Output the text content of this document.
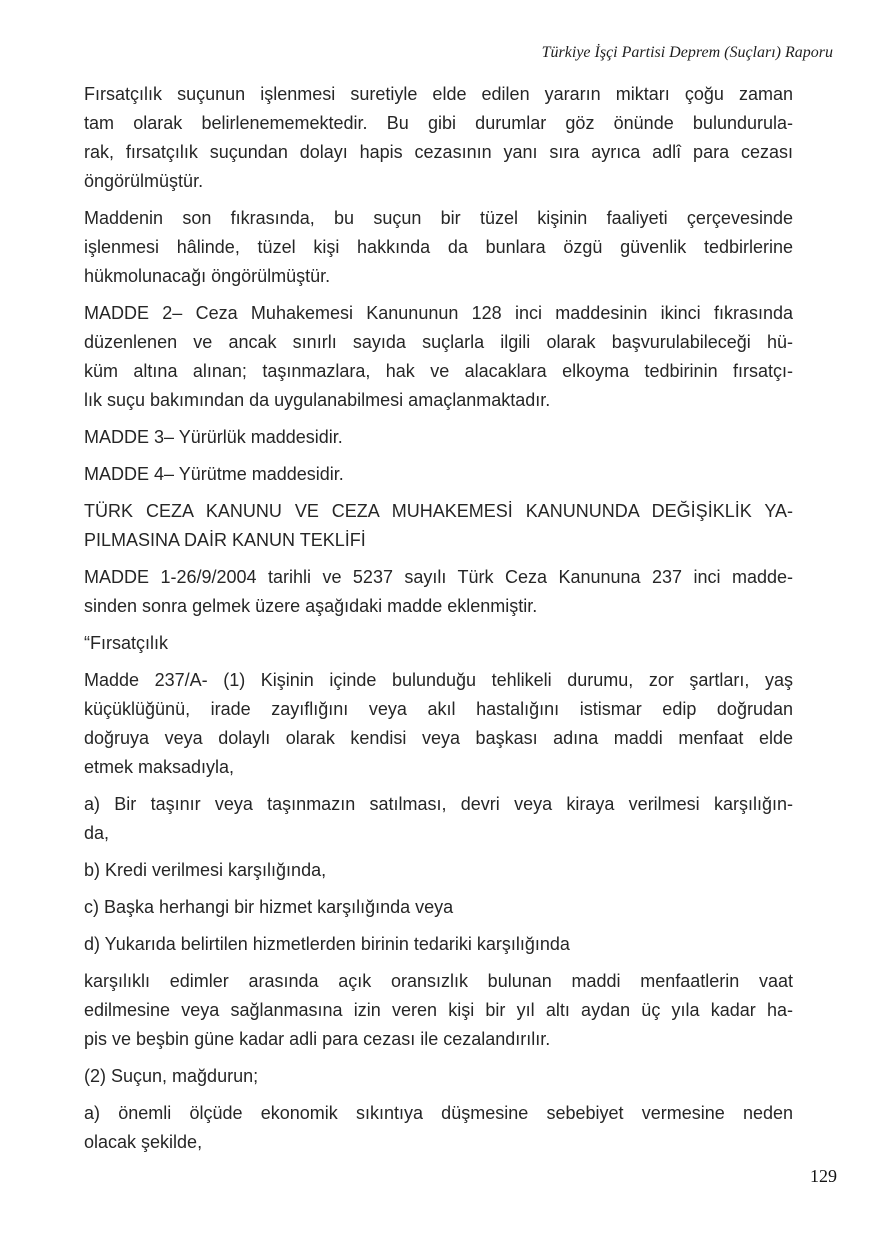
Türkiye İşçi Partisi Deprem (Suçları) Raporu
Fırsatçılık suçunun işlenmesi suretiyle elde edilen yararın miktarı çoğu zaman
tam olarak belirlenememektedir. Bu gibi durumlar göz önünde bulundurula-
rak, fırsatçılık suçundan dolayı hapis cezasının yanı sıra ayrıca adlî para cezası
öngörülmüştür.
Maddenin son fıkrasında, bu suçun bir tüzel kişinin faaliyeti çerçevesinde
işlenmesi hâlinde, tüzel kişi hakkında da bunlara özgü güvenlik tedbirlerine
hükmolunacağı öngörülmüştür.
MADDE 2– Ceza Muhakemesi Kanununun 128 inci maddesinin ikinci fıkrasında
düzenlenen ve ancak sınırlı sayıda suçlarla ilgili olarak başvurulabileceği hü-
küm altına alınan; taşınmazlara, hak ve alacaklara elkoyma tedbirinin fırsatçı-
lık suçu bakımından da uygulanabilmesi amaçlanmaktadır.
MADDE 3– Yürürlük maddesidir.
MADDE 4– Yürütme maddesidir.
TÜRK CEZA KANUNU VE CEZA MUHAKEMESİ KANUNUNDA DEĞİŞİKLİK YA-
PILMASINA DAİR KANUN TEKLİFİ
MADDE 1-26/9/2004 tarihli ve 5237 sayılı Türk Ceza Kanununa 237 inci madde-
sinden sonra gelmek üzere aşağıdaki madde eklenmiştir.
“Fırsatçılık
Madde 237/A- (1) Kişinin içinde bulunduğu tehlikeli durumu, zor şartları, yaş
küçüklüğünü, irade zayıflığını veya akıl hastalığını istismar edip doğrudan
doğruya veya dolaylı olarak kendisi veya başkası adına maddi menfaat elde
etmek maksadıyla,
a) Bir taşınır veya taşınmazın satılması, devri veya kiraya verilmesi karşılığın-
da,
b) Kredi verilmesi karşılığında,
c) Başka herhangi bir hizmet karşılığında veya
d) Yukarıda belirtilen hizmetlerden birinin tedariki karşılığında
karşılıklı edimler arasında açık oransızlık bulunan maddi menfaatlerin vaat
edilmesine veya sağlanmasına izin veren kişi bir yıl altı aydan üç yıla kadar ha-
pis ve beşbin güne kadar adli para cezası ile cezalandırılır.
(2) Suçun, mağdurun;
a) önemli ölçüde ekonomik sıkıntıya düşmesine sebebiyet vermesine neden
olacak şekilde,
129
